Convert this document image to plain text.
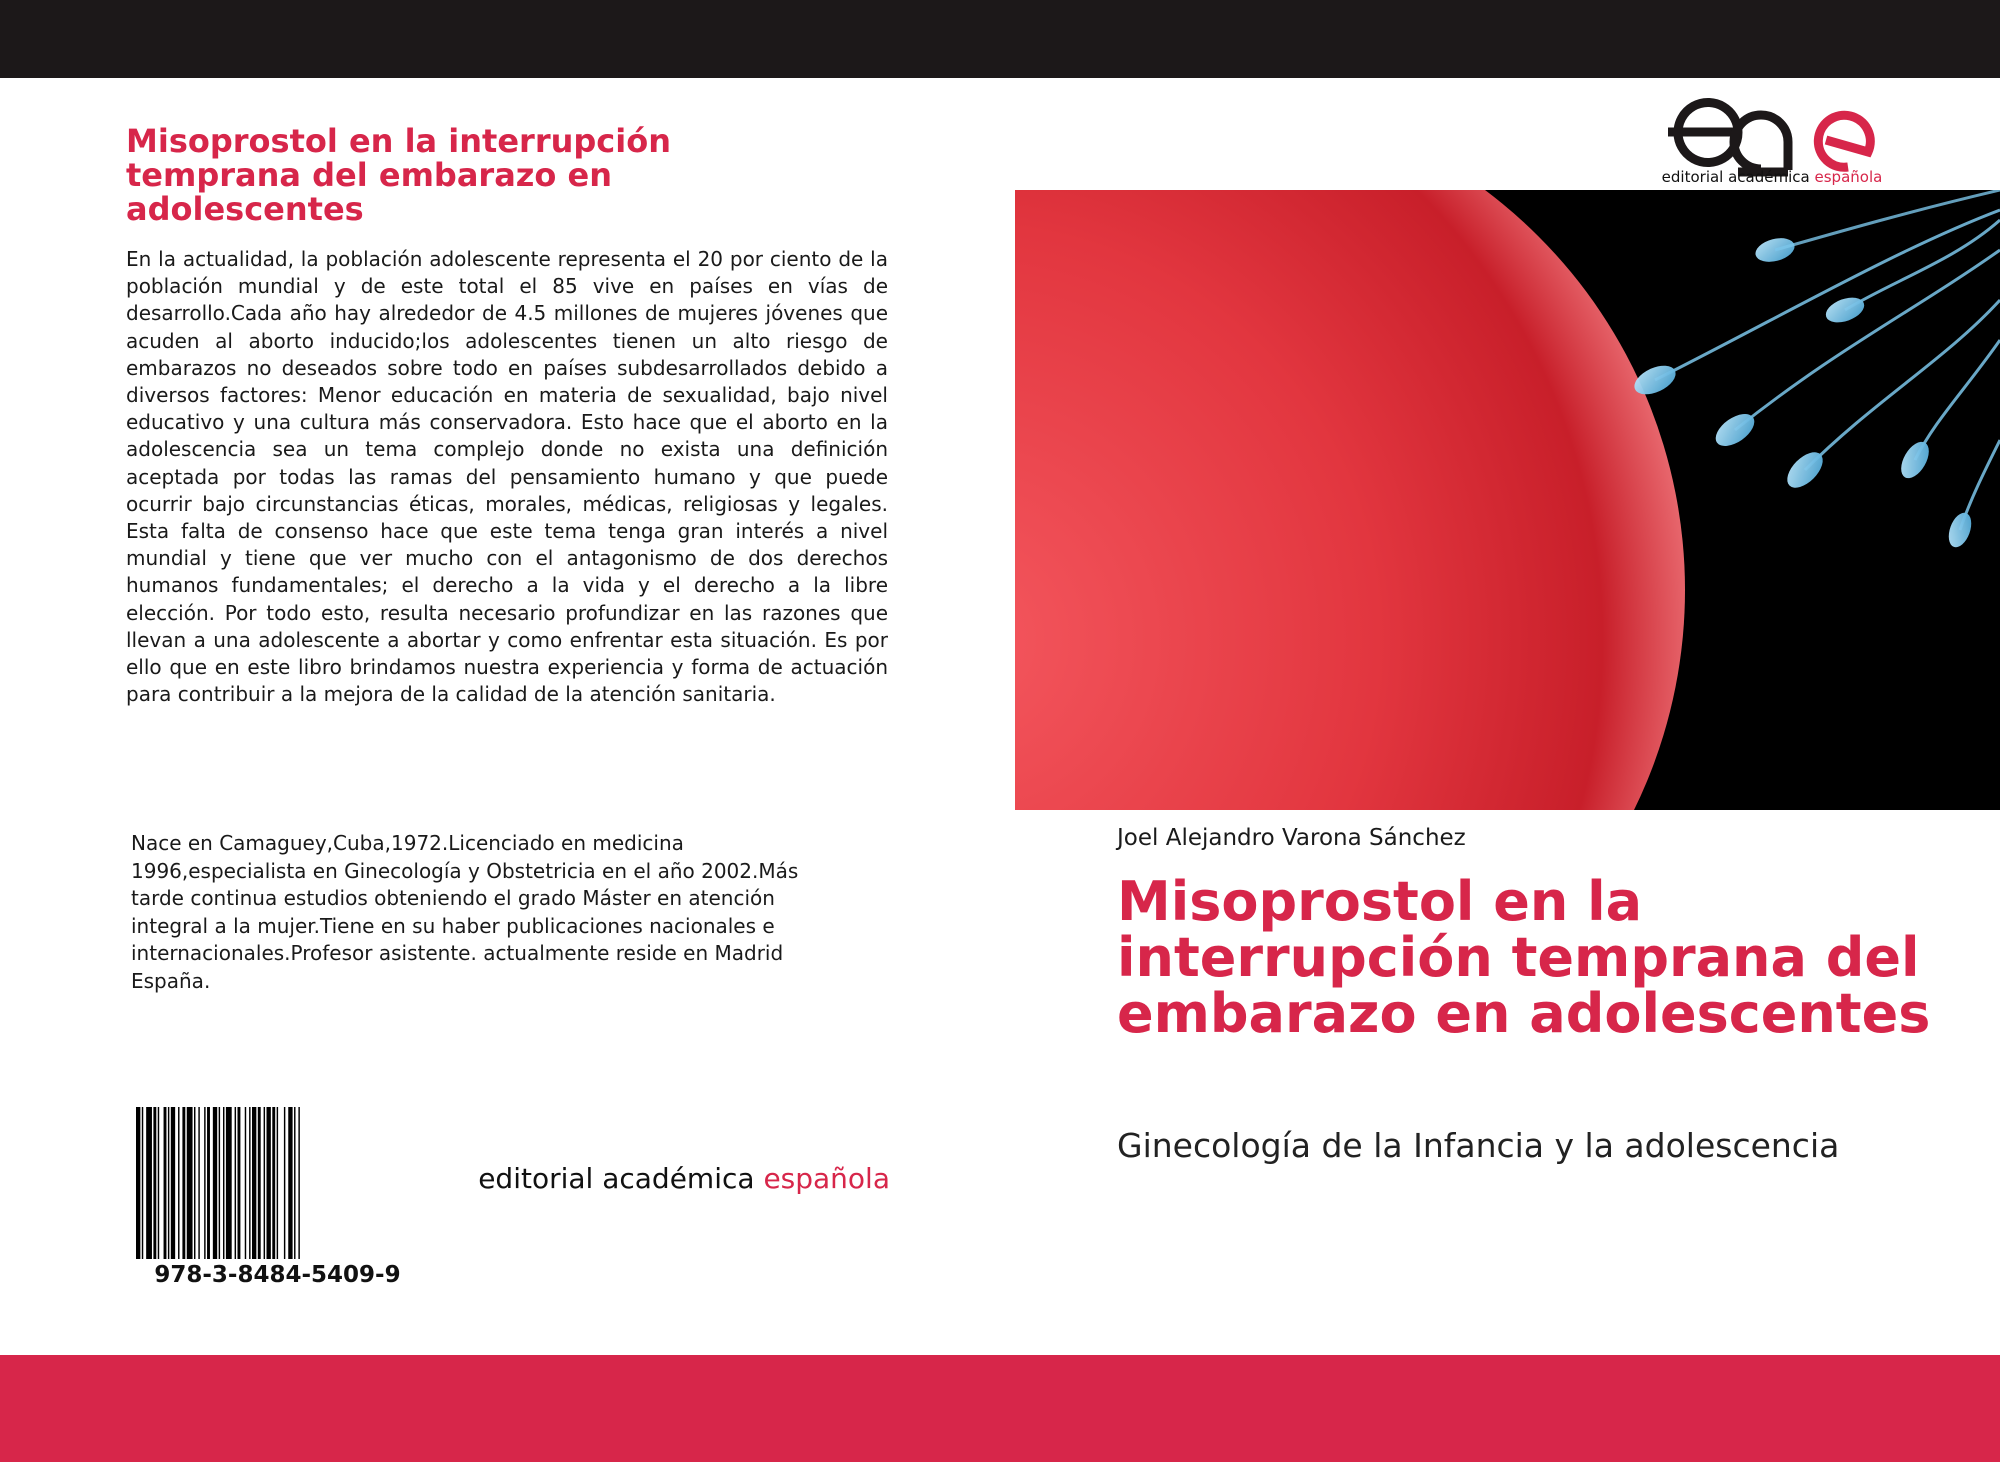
Misoprostol en la interrupción temprana del embarazo en adolescentes

En la actualidad, la población adolescente representa el 20 por ciento de la población mundial y de este total el 85 vive en países en vías de desarrollo.Cada año hay alrededor de 4.5 millones de mujeres jóvenes que acuden al aborto inducido;los adolescentes tienen un alto riesgo de embarazos no deseados sobre todo en países subdesarrollados debido a diversos factores: Menor educación en materia de sexualidad, bajo nivel educativo y una cultura más conservadora. Esto hace que el aborto en la adolescencia sea un tema complejo donde no exista una definición aceptada por todas las ramas del pensamiento humano y que puede ocurrir bajo circunstancias éticas, morales, médicas, religiosas y legales. Esta falta de consenso hace que este tema tenga gran interés a nivel mundial y tiene que ver mucho con el antagonismo de dos derechos humanos fundamentales; el derecho a la vida y el derecho a la libre elección. Por todo esto, resulta necesario profundizar en las razones que llevan a una adolescente a abortar y como enfrentar esta situación. Es por ello que en este libro brindamos nuestra experiencia y forma de actuación para contribuir a la mejora de la calidad de la atención sanitaria.

Nace en Camaguey,Cuba,1972.Licenciado en medicina 1996,especialista en Ginecología y Obstetricia en el año 2002.Más tarde continua estudios obteniendo el grado Máster en atención integral a la mujer.Tiene en su haber publicaciones nacionales e internacionales.Profesor asistente. actualmente reside en Madrid España.

978-3-8484-5409-9
editorial académica española
editorial académica española

Joel Alejandro Varona Sánchez

Misoprostol en la interrupción temprana del embarazo en adolescentes

Ginecología de la Infancia y la adolescencia
